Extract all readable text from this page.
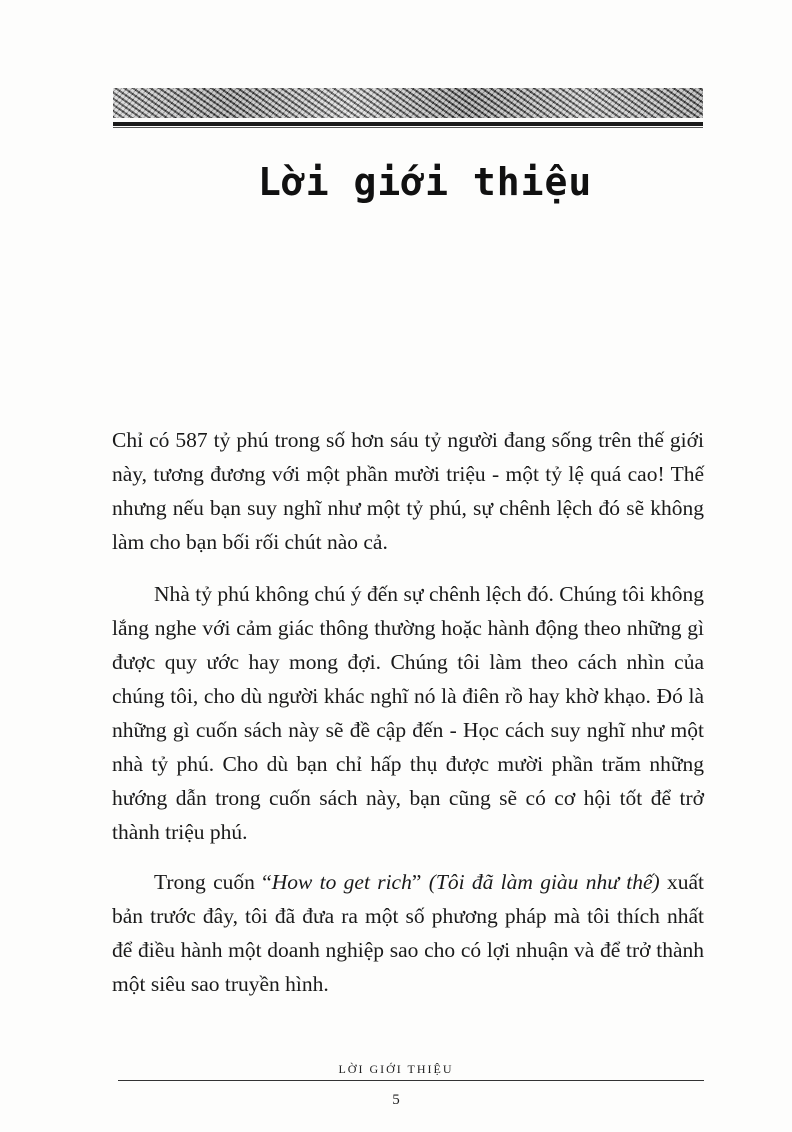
Lời giới thiệu

Chỉ có 587 tỷ phú trong số hơn sáu tỷ người đang sống trên thế giới này, tương đương với một phần mười triệu - một tỷ lệ quá cao! Thế nhưng nếu bạn suy nghĩ như một tỷ phú, sự chênh lệch đó sẽ không làm cho bạn bối rối chút nào cả.

Nhà tỷ phú không chú ý đến sự chênh lệch đó. Chúng tôi không lắng nghe với cảm giác thông thường hoặc hành động theo những gì được quy ước hay mong đợi. Chúng tôi làm theo cách nhìn của chúng tôi, cho dù người khác nghĩ nó là điên rồ hay khờ khạo. Đó là những gì cuốn sách này sẽ đề cập đến - Học cách suy nghĩ như một nhà tỷ phú. Cho dù bạn chỉ hấp thụ được mười phần trăm những hướng dẫn trong cuốn sách này, bạn cũng sẽ có cơ hội tốt để trở thành triệu phú.

Trong cuốn “How to get rich” (Tôi đã làm giàu như thế) xuất bản trước đây, tôi đã đưa ra một số phương pháp mà tôi thích nhất để điều hành một doanh nghiệp sao cho có lợi nhuận và để trở thành một siêu sao truyền hình.

LỜI GIỚI THIỆU
5
